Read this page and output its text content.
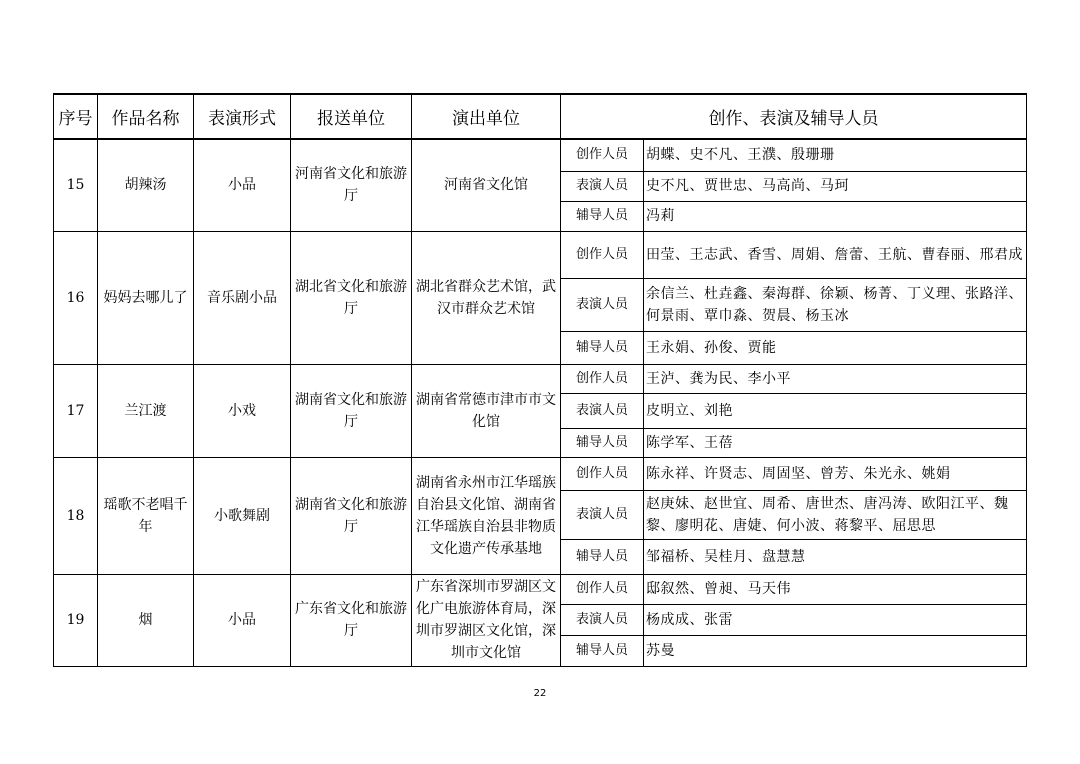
序号	作品名称	表演形式	报送单位	演出单位	创作、表演及辅导人员	
15	胡辣汤	小品	河南省文化和旅游厅	河南省文化馆	创作人员	胡蝶、史不凡、王濮、殷珊珊
					表演人员	史不凡、贾世忠、马高尚、马珂
					辅导人员	冯莉
16	妈妈去哪儿了	音乐剧小品	湖北省文化和旅游厅	湖北省群众艺术馆，武汉市群众艺术馆	创作人员	田莹、王志武、香雪、周娟、詹蕾、王航、曹春丽、邢君成
					表演人员	余信兰、杜垚鑫、秦海群、徐颖、杨菁、丁义理、张路洋、何景雨、覃巾淼、贺晨、杨玉冰
					辅导人员	王永娟、孙俊、贾能
17	兰江渡	小戏	湖南省文化和旅游厅	湖南省常德市津市市文化馆	创作人员	王泸、龚为民、李小平
					表演人员	皮明立、刘艳
					辅导人员	陈学军、王蓓
18	瑶歌不老唱千年	小歌舞剧	湖南省文化和旅游厅	湖南省永州市江华瑶族自治县文化馆、湖南省江华瑶族自治县非物质文化遗产传承基地	创作人员	陈永祥、许贤志、周固坚、曾芳、朱光永、姚娟
					表演人员	赵庚妹、赵世宜、周希、唐世杰、唐冯涛、欧阳江平、魏黎、廖明花、唐婕、何小波、蒋黎平、屈思思
					辅导人员	邹福桥、吴桂月、盘慧慧
19	烟	小品	广东省文化和旅游厅	广东省深圳市罗湖区文化广电旅游体育局，深圳市罗湖区文化馆，深圳市文化馆	创作人员	邸叙然、曾昶、马天伟
					表演人员	杨成成、张雷
					辅导人员	苏曼
22
